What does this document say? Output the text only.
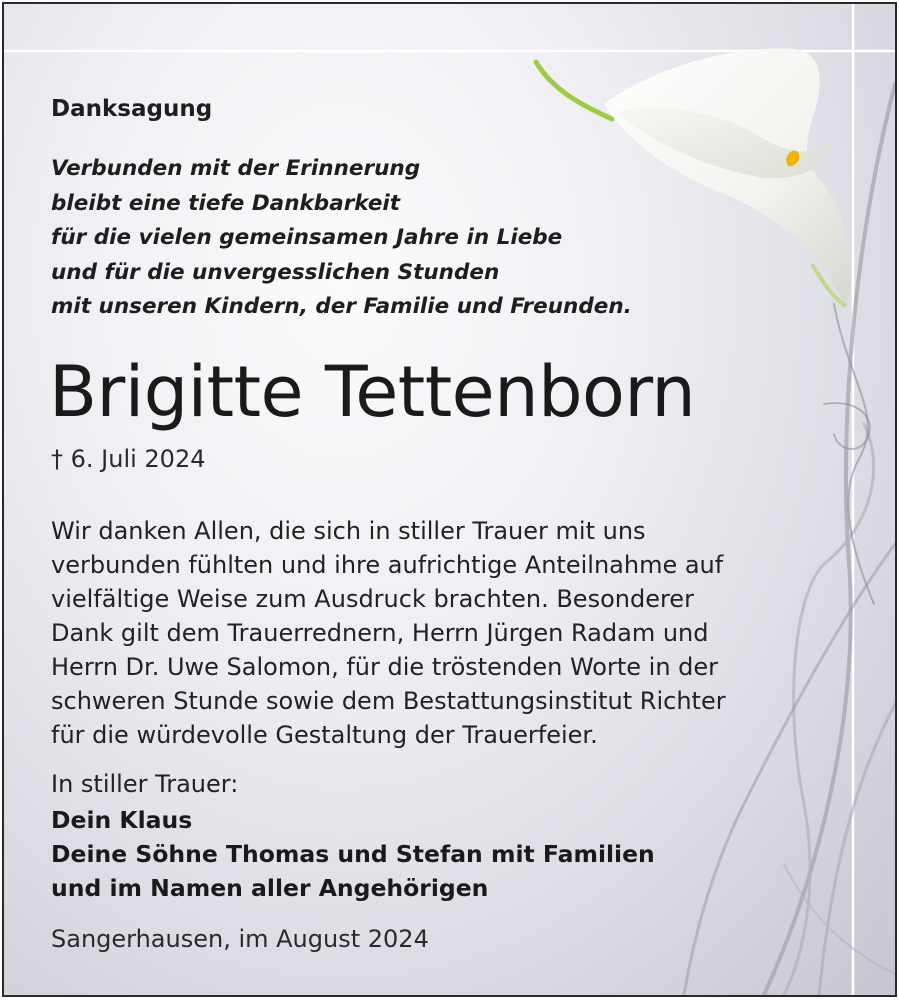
Danksagung
Verbunden mit der Erinnerung
bleibt eine tiefe Dankbarkeit
für die vielen gemeinsamen Jahre in Liebe
und für die unvergesslichen Stunden
mit unseren Kindern, der Familie und Freunden.
Brigitte Tettenborn
† 6. Juli 2024
Wir danken Allen, die sich in stiller Trauer mit uns
verbunden fühlten und ihre aufrichtige Anteilnahme auf
vielfältige Weise zum Ausdruck brachten. Besonderer
Dank gilt dem Trauerrednern, Herrn Jürgen Radam und
Herrn Dr. Uwe Salomon, für die tröstenden Worte in der
schweren Stunde sowie dem Bestattungsinstitut Richter
für die würdevolle Gestaltung der Trauerfeier.
In stiller Trauer:
Dein Klaus
Deine Söhne Thomas und Stefan mit Familien
und im Namen aller Angehörigen
Sangerhausen, im August 2024
